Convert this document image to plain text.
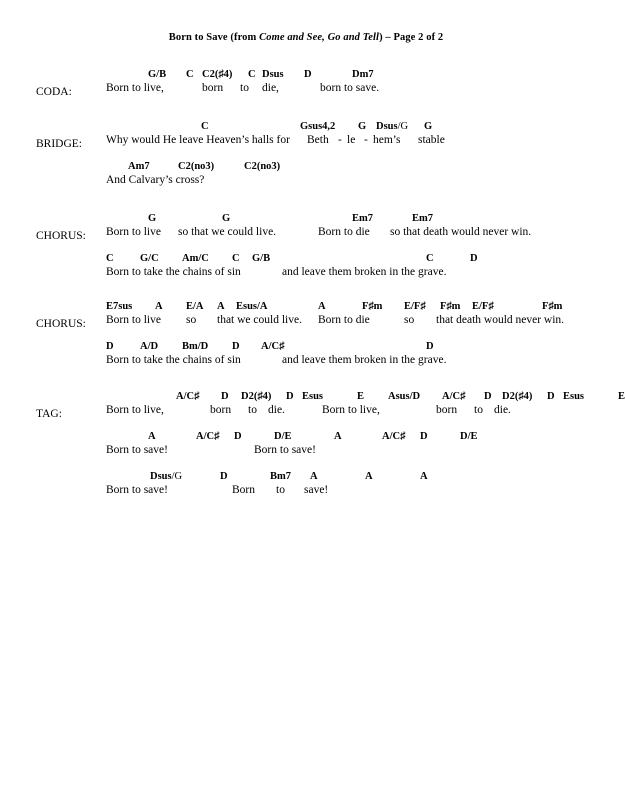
Born to Save (from Come and See, Go and Tell) – Page 2 of 2
CODA:
G/B C C2(♯4) C Dsus D	Dm7
Born to live,	born to die,	born to save.
BRIDGE:
C	Gsus4,2 G Dsus/G G
Why would He leave Heaven’s halls for Beth - le - hem’s stable
Am7	C2(no3)	C2(no3)
And Calvary’s cross?
CHORUS:
G	G	Em7	Em7
Born to live so that we could live.	Born to die so that death would never win.
C	G/C Am/C C G/B	C	D
Born to take the chains of sin	and leave them broken in the grave.
CHORUS:
E7sus A E/A A Esus/A	A	F♯m E/F♯ F♯m E/F♯	F♯m
Born to live so that we could live. Born to die	so that death would never win.
D	A/D Bm/D D A/C♯	D
Born to take the chains of sin	and leave them broken in the grave.
TAG:
A/C♯ D D2(♯4) D Esus	E Asus/D A/C♯ D D2(♯4) D Esus	E
Born to live,	born to die.	Born to live,	born to die.
A	A/C♯ D	D/E	A	A/C♯ D	D/E
Born to save!	Born to save!
Dsus/G	D	Bm7 A	A	A
Born to save!	Born to save!
